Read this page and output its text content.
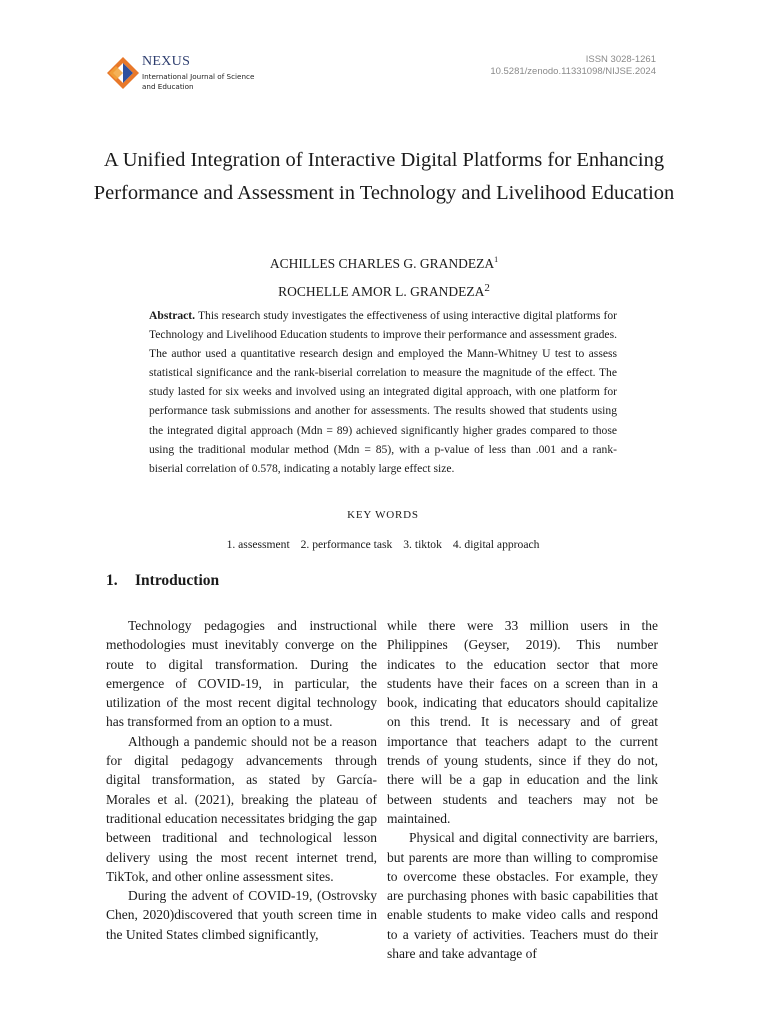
NEXUS
International Journal of Science and Education
ISSN 3028-1261
10.5281/zenodo.11331098/NIJSE.2024
A Unified Integration of Interactive Digital Platforms for Enhancing Performance and Assessment in Technology and Livelihood Education
ACHILLES CHARLES G. GRANDEZA$^1$
ROCHELLE AMOR L. GRANDEZA$^2$
Abstract. This research study investigates the effectiveness of using interactive digital platforms for Technology and Livelihood Education students to improve their performance and assessment grades. The author used a quantitative research design and employed the Mann-Whitney U test to assess statistical significance and the rank-biserial correlation to measure the magnitude of the effect. The study lasted for six weeks and involved using an integrated digital approach, with one platform for performance task submissions and another for assessments. The results showed that students using the integrated digital approach (Mdn = 89) achieved significantly higher grades compared to those using the traditional modular method (Mdn = 85), with a p-value of less than .001 and a rank-biserial correlation of 0.578, indicating a notably large effect size.
KEY WORDS
1. assessment 2. performance task 3. tiktok 4. digital approach
1. Introduction

Technology pedagogies and instructional methodologies must inevitably converge on the route to digital transformation. During the emergence of COVID-19, in particular, the utilization of the most recent digital technology has transformed from an option to a must.

Although a pandemic should not be a reason for digital pedagogy advancements through digital transformation, as stated by García-Morales et al. (2021), breaking the plateau of traditional education necessitates bridging the gap between traditional and technological lesson delivery using the most recent internet trend, TikTok, and other online assessment sites.

During the advent of COVID-19, (Ostrovsky Chen, 2020)discovered that youth screen time in the United States climbed significantly,

while there were 33 million users in the Philippines (Geyser, 2019). This number indicates to the education sector that more students have their faces on a screen than in a book, indicating that educators should capitalize on this trend. It is necessary and of great importance that teachers adapt to the current trends of young students, since if they do not, there will be a gap in education and the link between students and teachers may not be maintained.

Physical and digital connectivity are barriers, but parents are more than willing to compromise to overcome these obstacles. For example, they are purchasing phones with basic capabilities that enable students to make video calls and respond to a variety of activities. Teachers must do their share and take advantage of
